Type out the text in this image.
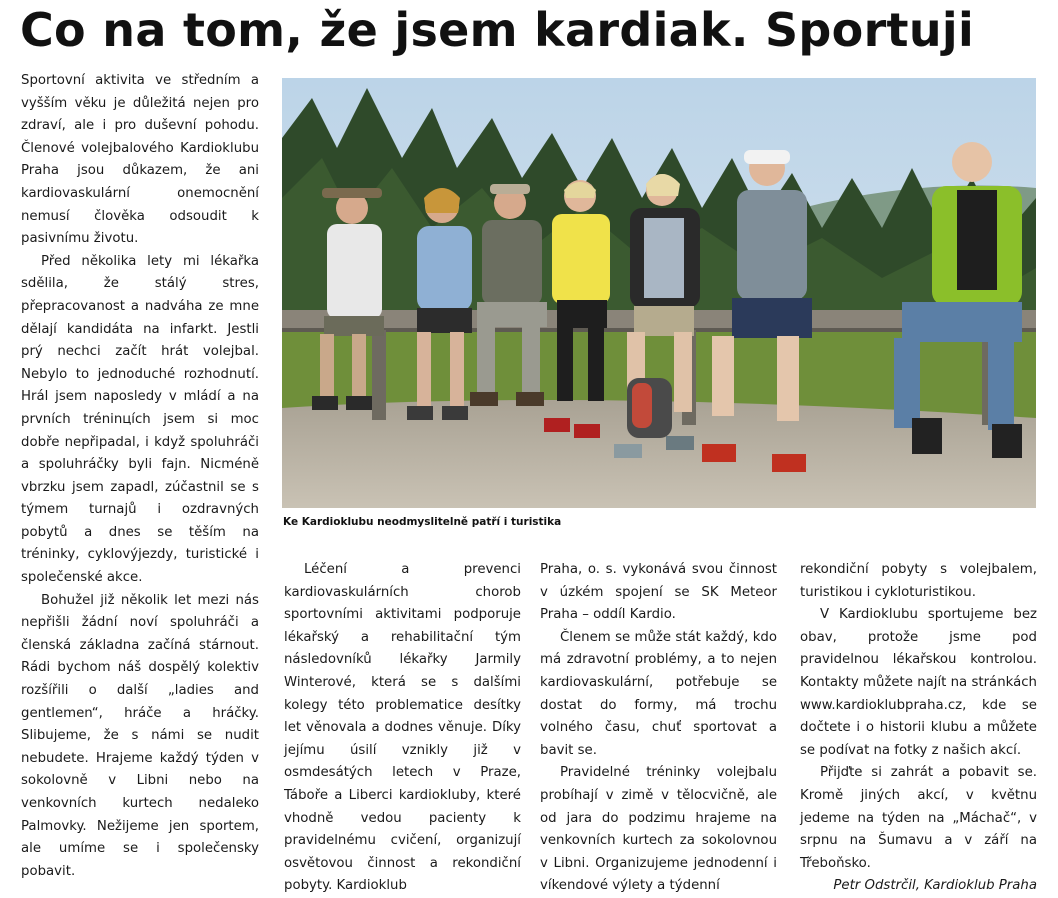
Co na tom, že jsem kardiak. Sportuji

Sportovní aktivita ve středním a vyšším věku je důležitá nejen pro zdraví, ale i pro duševní pohodu. Členové volejbalového Kardioklubu Praha jsou důkazem, že ani kardiovaskulární onemocnění nemusí člověka odsoudit k pasivnímu životu.

Před několika lety mi lékařka sdělila, že stálý stres, přepracovanost a nadváha ze mne dělají kandidáta na infarkt. Jestli prý nechci začít hrát volejbal. Nebylo to jednoduché rozhodnutí. Hrál jsem naposledy v mládí a na prvních tréninцích jsem si moc dobře nepřipadal, i když spoluhráči a spoluhráčky byli fajn. Nicméně vbrzku jsem zapadl, zúčastnil se s týmem turnajů i ozdravných pobytů a dnes se těším na tréninky, cyklovýjezdy, turistické i společenské akce.

Bohužel již několik let mezi nás nepřišli žádní noví spoluhráči a členská základna začíná stárnout. Rádi bychom náš dospělý kolektiv rozšířili o další „ladies and gentlemen“, hráče a hráčky. Slibujeme, že s námi se nudit nebudete. Hrajeme každý týden v sokolovně v Libni nebo na venkovních kurtech nedaleko Palmovky. Nežijeme jen sportem, ale umíme se i společensky pobavit.

Ke Kardioklubu neodmyslitelně patří i turistika

Léčení a prevenci kardiovaskulárních chorob sportovními aktivitami podporuje lékařský a rehabilitační tým následovníků lékařky Jarmily Winterové, která se s dalšími kolegy této problematice desítky let věnovala a dodnes věnuje. Díky jejímu úsilí vznikly již v osmdesátých letech v Praze, Táboře a Liberci kardiokluby, které vhodně vedou pacienty k pravidelnému cvičení, organizují osvětovou činnost a rekondiční pobyty. Kardioklub

Praha, o. s. vykonává svou činnost v úzkém spojení se SK Meteor Praha – oddíl Kardio.

Členem se může stát každý, kdo má zdravotní problémy, a to nejen kardiovaskulární, potřebuje se dostat do formy, má trochu volného času, chuť sportovat a bavit se.

Pravidelné tréninky volejbalu probíhají v zimě v tělocvičně, ale od jara do podzimu hrajeme na venkovních kurtech za sokolovnou v Libni. Organizujeme jednodenní i víkendové výlety a týdenní

rekondiční pobyty s volejbalem, turistikou i cykloturistikou.

V Kardioklubu sportujeme bez obav, protože jsme pod pravidelnou lékařskou kontrolou. Kontakty můžete najít na stránkách www.kardioklubpraha.cz, kde se dočtete i o historii klubu a můžete se podívat na fotky z našich akcí.

Přijďte si zahrát a pobavit se. Kromě jiných akcí, v květnu jedeme na týden na „Máchač“, v srpnu na Šumavu a v září na Třeboňsko.

Petr Odstrčil, Kardioklub Praha
